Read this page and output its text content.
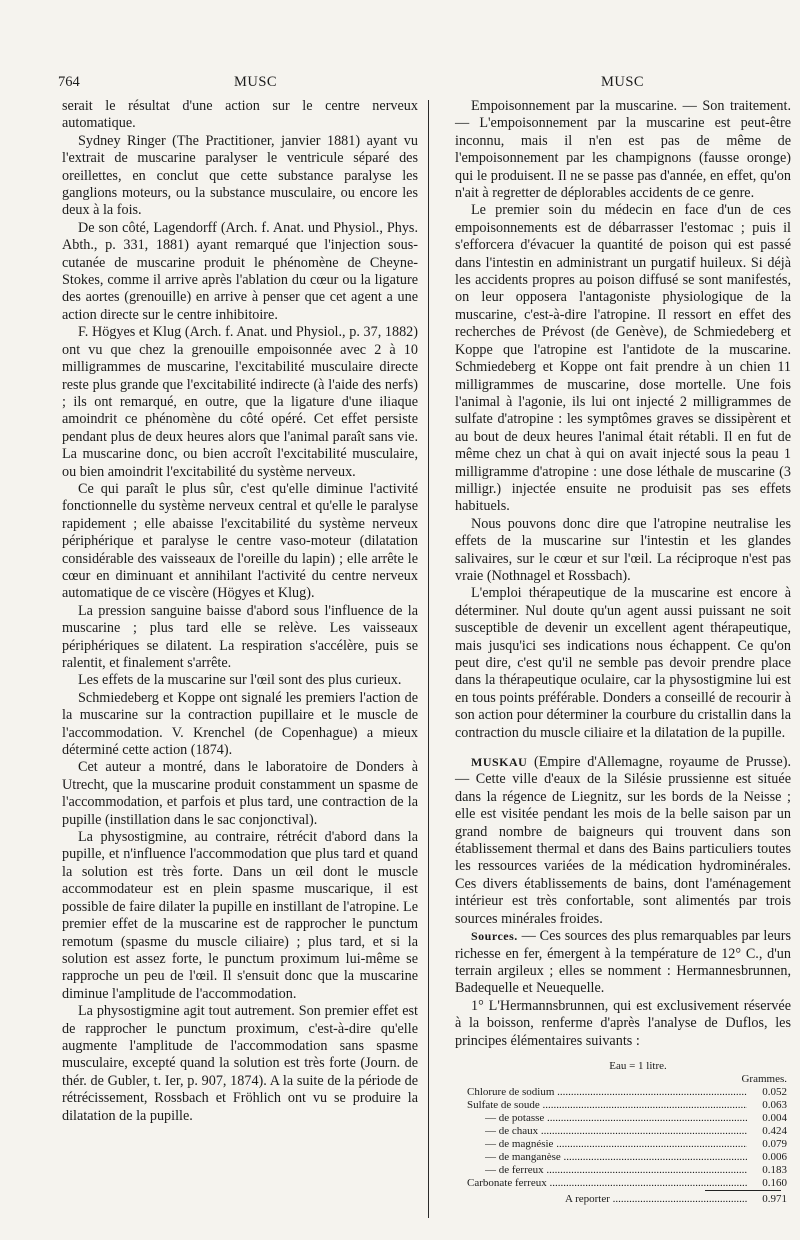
764	MUSC	MUSC

serait le résultat d'une action sur le centre nerveux automatique.

Sydney Ringer (The Practitioner, janvier 1881) ayant vu l'extrait de muscarine paralyser le ventricule séparé des oreillettes, en conclut que cette substance paralyse les ganglions moteurs, ou la substance musculaire, ou encore les deux à la fois.

De son côté, Lagendorff (Arch. f. Anat. und Physiol., Phys. Abth., p. 331, 1881) ayant remarqué que l'injection sous-cutanée de muscarine produit le phénomène de Cheyne-Stokes, comme il arrive après l'ablation du cœur ou la ligature des aortes (grenouille) en arrive à penser que cet agent a une action directe sur le centre inhibitoire.

F. Högyes et Klug (Arch. f. Anat. und Physiol., p. 37, 1882) ont vu que chez la grenouille empoisonnée avec 2 à 10 milligrammes de muscarine, l'excitabilité musculaire directe reste plus grande que l'excitabilité indirecte (à l'aide des nerfs) ; ils ont remarqué, en outre, que la ligature d'une iliaque amoindrit ce phénomène du côté opéré. Cet effet persiste pendant plus de deux heures alors que l'animal paraît sans vie. La muscarine donc, ou bien accroît l'excitabilité musculaire, ou bien amoindrit l'excitabilité du système nerveux.

Ce qui paraît le plus sûr, c'est qu'elle diminue l'activité fonctionnelle du système nerveux central et qu'elle le paralyse rapidement ; elle abaisse l'excitabilité du système nerveux périphérique et paralyse le centre vaso-moteur (dilatation considérable des vaisseaux de l'oreille du lapin) ; elle arrête le cœur en diminuant et annihilant l'activité du centre nerveux automatique de ce viscère (Högyes et Klug).

La pression sanguine baisse d'abord sous l'influence de la muscarine ; plus tard elle se relève. Les vaisseaux périphériques se dilatent. La respiration s'accélère, puis se ralentit, et finalement s'arrête.

Les effets de la muscarine sur l'œil sont des plus curieux.

Schmiedeberg et Koppe ont signalé les premiers l'action de la muscarine sur la contraction pupillaire et le muscle de l'accommodation. V. Krenchel (de Copenhague) a mieux déterminé cette action (1874).

Cet auteur a montré, dans le laboratoire de Donders à Utrecht, que la muscarine produit constamment un spasme de l'accommodation, et parfois et plus tard, une contraction de la pupille (instillation dans le sac conjonctival).

La physostigmine, au contraire, rétrécit d'abord dans la pupille, et n'influence l'accommodation que plus tard et quand la solution est très forte. Dans un œil dont le muscle accommodateur est en plein spasme muscarique, il est possible de faire dilater la pupille en instillant de l'atropine. Le premier effet de la muscarine est de rapprocher le punctum remotum (spasme du muscle ciliaire) ; plus tard, et si la solution est assez forte, le punctum proximum lui-même se rapproche un peu de l'œil. Il s'ensuit donc que la muscarine diminue l'amplitude de l'accommodation.

La physostigmine agit tout autrement. Son premier effet est de rapprocher le punctum proximum, c'est-à-dire qu'elle augmente l'amplitude de l'accommodation sans spasme musculaire, excepté quand la solution est très forte (Journ. de thér. de Gubler, t. Ier, p. 907, 1874). A la suite de la période de rétrécissement, Rossbach et Fröhlich ont vu se produire la dilatation de la pupille.

Empoisonnement par la muscarine. — Son traitement. — L'empoisonnement par la muscarine est peut-être inconnu, mais il n'en est pas de même de l'empoisonnement par les champignons (fausse oronge) qui le produisent. Il ne se passe pas d'année, en effet, qu'on n'ait à regretter de déplorables accidents de ce genre.

Le premier soin du médecin en face d'un de ces empoisonnements est de débarrasser l'estomac ; puis il s'efforcera d'évacuer la quantité de poison qui est passé dans l'intestin en administrant un purgatif huileux. Si déjà les accidents propres au poison diffusé se sont manifestés, on leur opposera l'antagoniste physiologique de la muscarine, c'est-à-dire l'atropine. Il ressort en effet des recherches de Prévost (de Genève), de Schmiedeberg et Koppe que l'atropine est l'antidote de la muscarine. Schmiedeberg et Koppe ont fait prendre à un chien 11 milligrammes de muscarine, dose mortelle. Une fois l'animal à l'agonie, ils lui ont injecté 2 milligrammes de sulfate d'atropine : les symptômes graves se dissipèrent et au bout de deux heures l'animal était rétabli. Il en fut de même chez un chat à qui on avait injecté sous la peau 1 milligramme d'atropine : une dose léthale de muscarine (3 milligr.) injectée ensuite ne produisit pas ses effets habituels.

Nous pouvons donc dire que l'atropine neutralise les effets de la muscarine sur l'intestin et les glandes salivaires, sur le cœur et sur l'œil. La réciproque n'est pas vraie (Nothnagel et Rossbach).

L'emploi thérapeutique de la muscarine est encore à déterminer. Nul doute qu'un agent aussi puissant ne soit susceptible de devenir un excellent agent thérapeutique, mais jusqu'ici ses indications nous échappent. Ce qu'on peut dire, c'est qu'il ne semble pas devoir prendre place dans la thérapeutique oculaire, car la physostigmine lui est en tous points préférable. Donders a conseillé de recourir à son action pour déterminer la courbure du cristallin dans la contraction du muscle ciliaire et la dilatation de la pupille.

MUSKAU (Empire d'Allemagne, royaume de Prusse). — Cette ville d'eaux de la Silésie prussienne est située dans la régence de Liegnitz, sur les bords de la Neisse ; elle est visitée pendant les mois de la belle saison par un grand nombre de baigneurs qui trouvent dans son établissement thermal et dans des Bains particuliers toutes les ressources variées de la médication hydrominérales. Ces divers établissements de bains, dont l'aménagement intérieur est très confortable, sont alimentés par trois sources minérales froides.

Sources. — Ces sources des plus remarquables par leurs richesse en fer, émergent à la température de 12° C., d'un terrain argileux ; elles se nomment : Hermannesbrunnen, Badequelle et Neuequelle.

1° L'Hermannsbrunnen, qui est exclusivement réservée à la boisson, renferme d'après l'analyse de Duflos, les principes élémentaires suivants :

Eau = 1 litre.
Grammes.
Chlorure de sodium .....	0.052
Sulfate de soude .....	0.063
— de potasse .....	0.004
— de chaux .....	0.424
— de magnésie .....	0.079
— de manganèse .....	0.006
— de ferreux .....	0.183
Carbonate ferreux .....	0.160
A reporter .....	0.971
